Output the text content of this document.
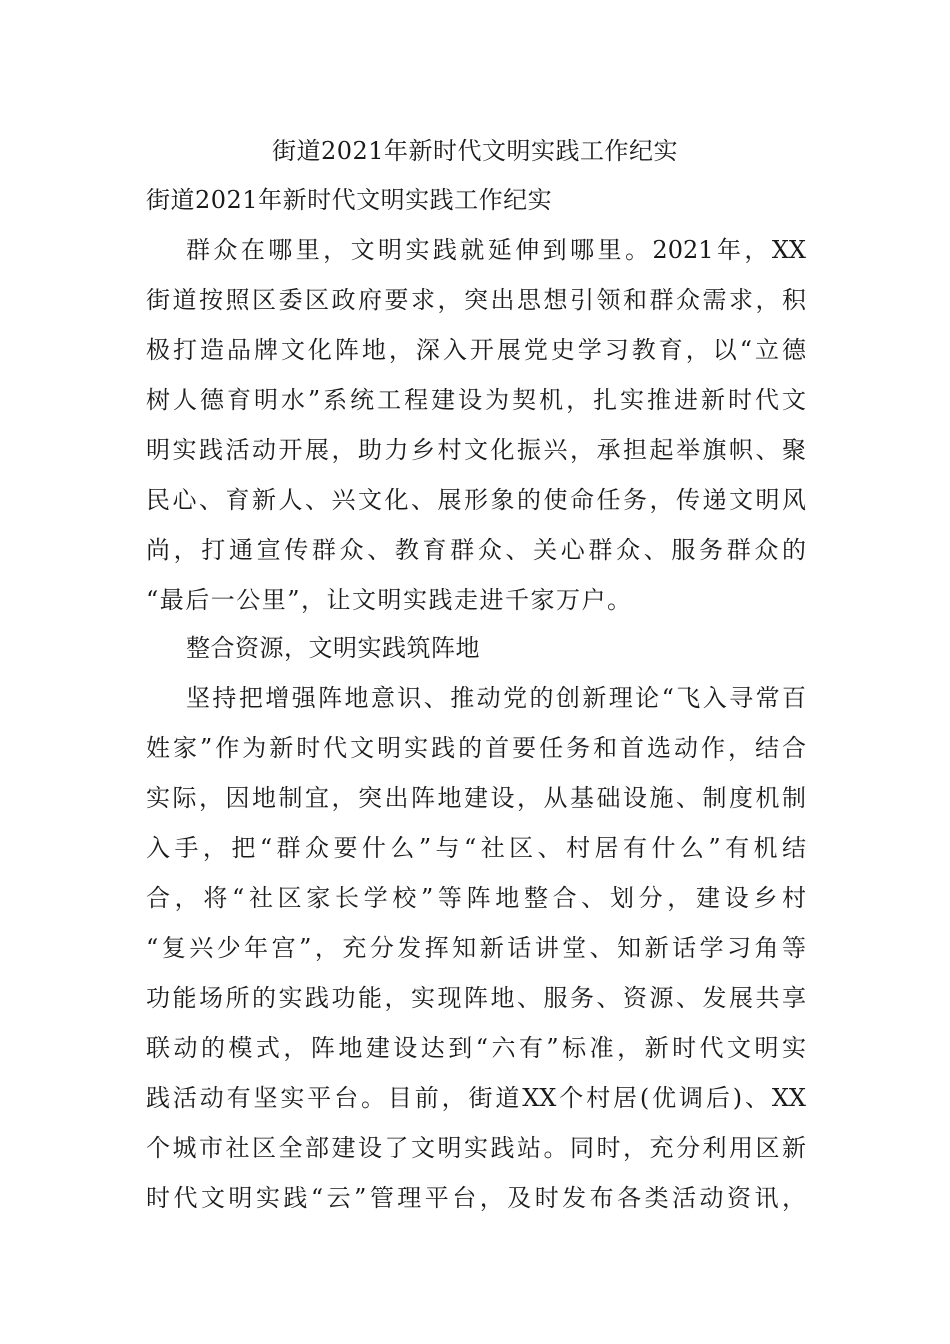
街道2021年新时代文明实践工作纪实
街道2021年新时代文明实践工作纪实
群众在哪里，文明实践就延伸到哪里。2021年，XX
街道按照区委区政府要求，突出思想引领和群众需求，积
极打造品牌文化阵地，深入开展党史学习教育，以“立德
树人德育明水”系统工程建设为契机，扎实推进新时代文
明实践活动开展，助力乡村文化振兴，承担起举旗帜、聚
民心、育新人、兴文化、展形象的使命任务，传递文明风
尚，打通宣传群众、教育群众、关心群众、服务群众的
“最后一公里”，让文明实践走进千家万户。
整合资源，文明实践筑阵地
坚持把增强阵地意识、推动党的创新理论“飞入寻常百
姓家”作为新时代文明实践的首要任务和首选动作，结合
实际，因地制宜，突出阵地建设，从基础设施、制度机制
入手，把“群众要什么”与“社区、村居有什么”有机结
合，将“社区家长学校”等阵地整合、划分，建设乡村
“复兴少年宫”，充分发挥知新话讲堂、知新话学习角等
功能场所的实践功能，实现阵地、服务、资源、发展共享
联动的模式，阵地建设达到“六有”标准，新时代文明实
践活动有坚实平台。目前，街道XX个村居(优调后)、XX
个城市社区全部建设了文明实践站。同时，充分利用区新
时代文明实践“云”管理平台，及时发布各类活动资讯，
